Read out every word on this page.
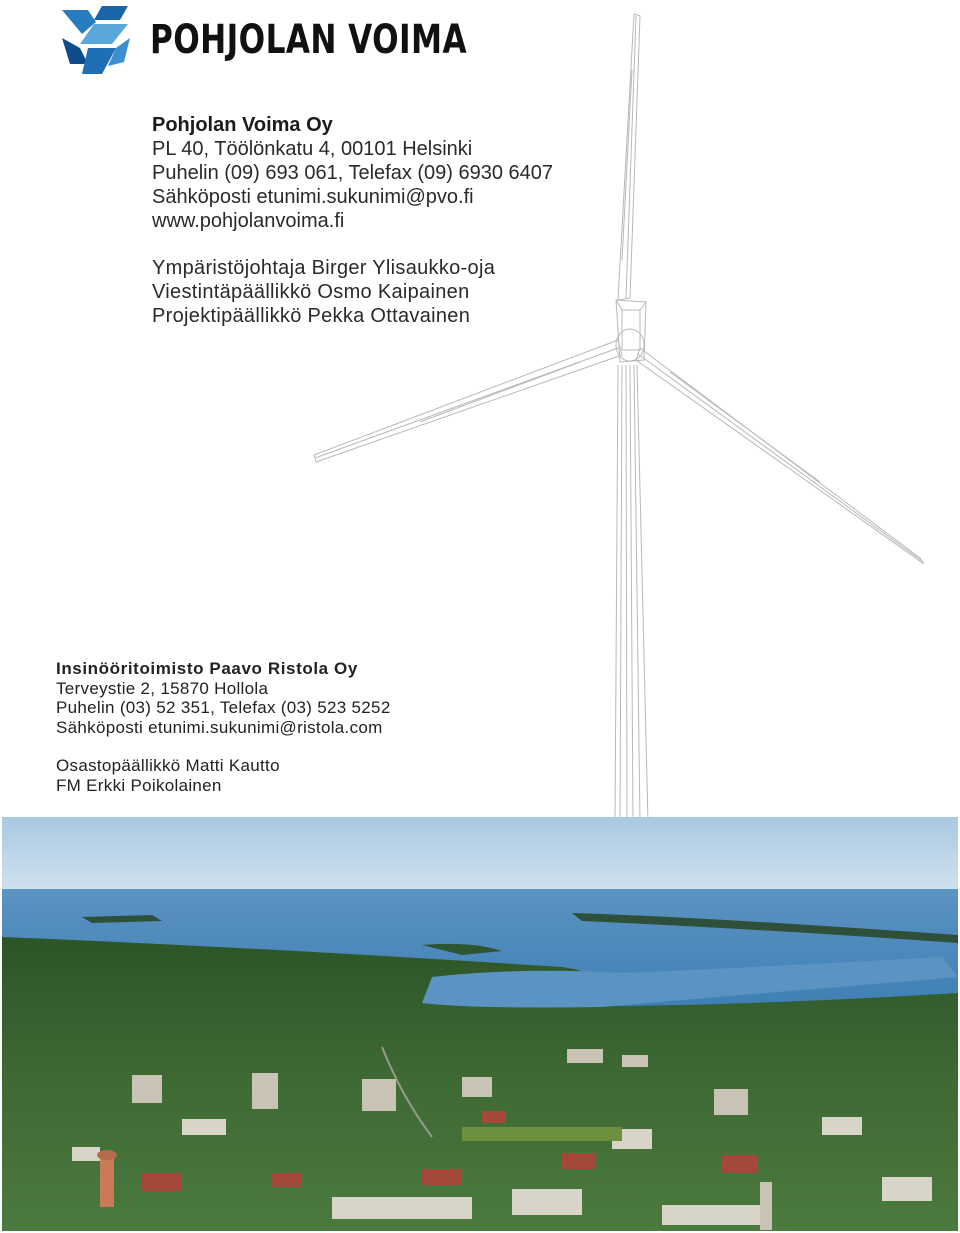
POHJOLAN VOIMA
Pohjolan Voima Oy
PL 40, Töölönkatu 4, 00101 Helsinki
Puhelin (09) 693 061, Telefax (09) 6930 6407
Sähköposti etunimi.sukunimi@pvo.fi
www.pohjolanvoima.fi
Ympäristöjohtaja Birger Ylisaukko-oja
Viestintäpäällikkö Osmo Kaipainen
Projektipäällikkö Pekka Ottavainen
Insinööritoimisto Paavo Ristola Oy
Terveystie 2, 15870 Hollola
Puhelin (03) 52 351, Telefax (03) 523 5252
Sähköposti etunimi.sukunimi@ristola.com
Osastopäällikkö Matti Kautto
FM Erkki Poikolainen
